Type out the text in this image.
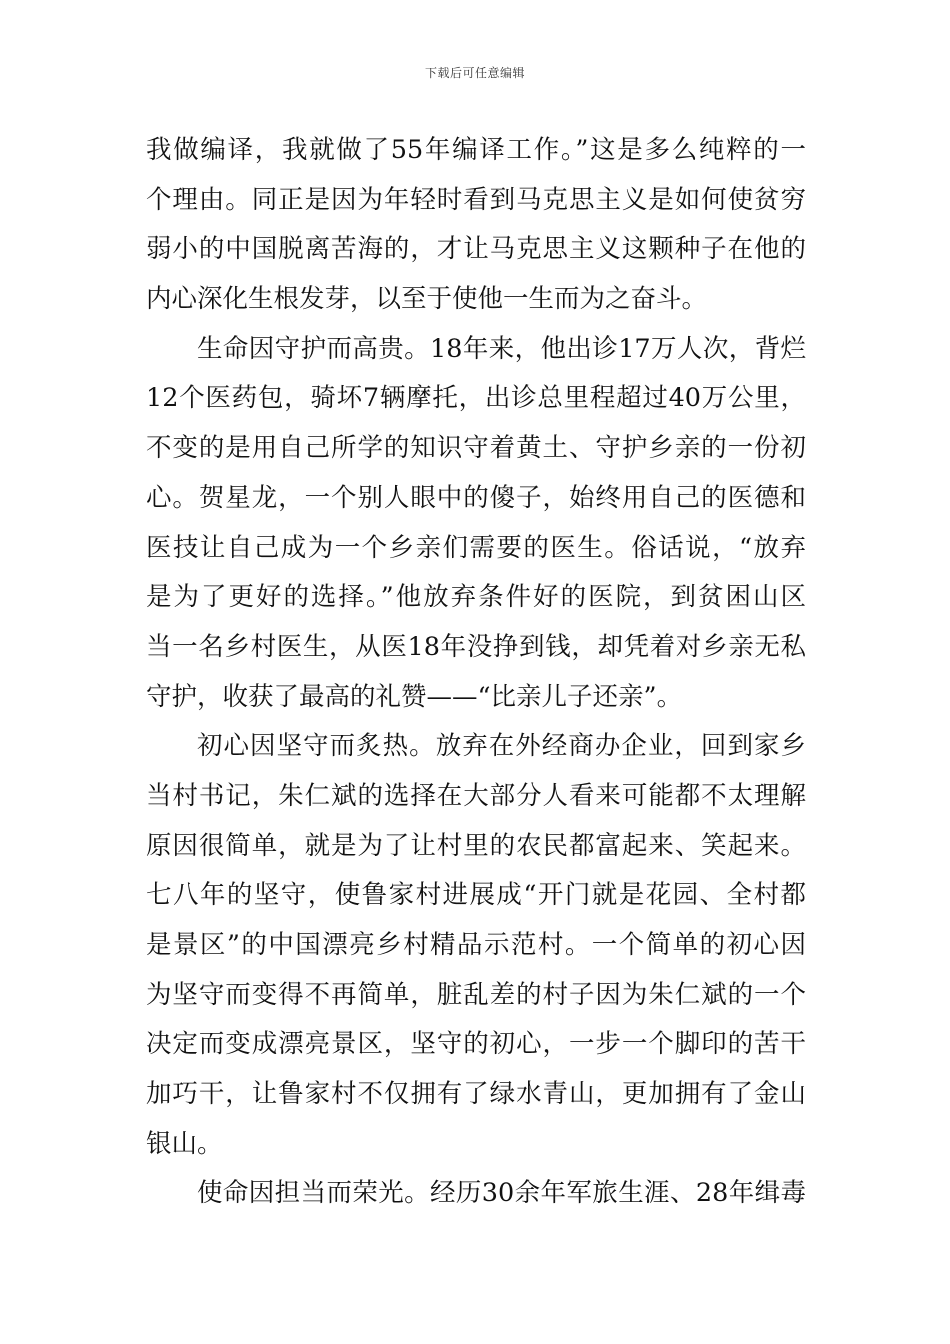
下载后可任意编辑
我做编译，我就做了55年编译工作。”这是多么纯粹的一
个理由。同正是因为年轻时看到马克思主义是如何使贫穷
弱小的中国脱离苦海的，才让马克思主义这颗种子在他的
内心深化生根发芽，以至于使他一生而为之奋斗。
生命因守护而高贵。18年来，他出诊17万人次，背烂
12个医药包，骑坏7辆摩托，出诊总里程超过40万公里，
不变的是用自己所学的知识守着黄土、守护乡亲的一份初
心。贺星龙，一个别人眼中的傻子，始终用自己的医德和
医技让自己成为一个乡亲们需要的医生。俗话说，“放弃
是为了更好的选择。”他放弃条件好的医院，到贫困山区
当一名乡村医生，从医18年没挣到钱，却凭着对乡亲无私
守护，收获了最高的礼赞——“比亲儿子还亲”。
初心因坚守而炙热。放弃在外经商办企业，回到家乡
当村书记，朱仁斌的选择在大部分人看来可能都不太理解
原因很简单，就是为了让村里的农民都富起来、笑起来。
七八年的坚守，使鲁家村进展成“开门就是花园、全村都
是景区”的中国漂亮乡村精品示范村。一个简单的初心因
为坚守而变得不再简单，脏乱差的村子因为朱仁斌的一个
决定而变成漂亮景区，坚守的初心，一步一个脚印的苦干
加巧干，让鲁家村不仅拥有了绿水青山，更加拥有了金山
银山。
使命因担当而荣光。经历30余年军旅生涯、28年缉毒
